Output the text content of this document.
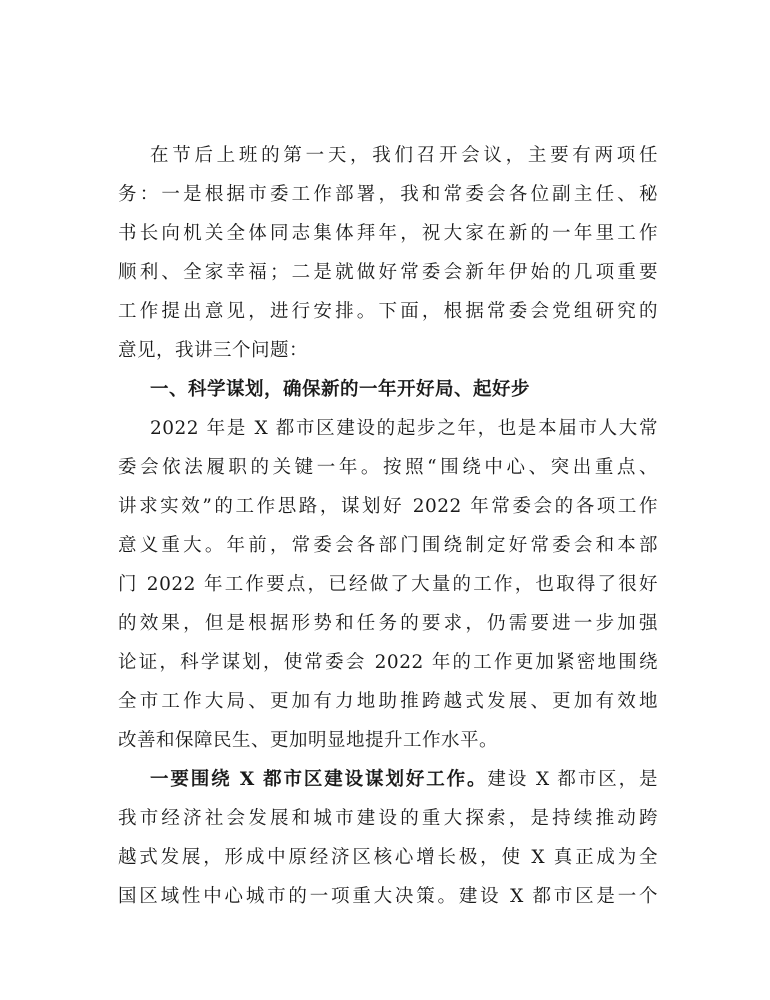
在节后上班的第一天，我们召开会议，主要有两项任
务：一是根据市委工作部署，我和常委会各位副主任、秘
书长向机关全体同志集体拜年，祝大家在新的一年里工作
顺利、全家幸福；二是就做好常委会新年伊始的几项重要
工作提出意见，进行安排。下面，根据常委会党组研究的
意见，我讲三个问题：
一、科学谋划，确保新的一年开好局、起好步
2022 年是 X 都市区建设的起步之年，也是本届市人大常
委会依法履职的关键一年。按照“围绕中心、突出重点、
讲求实效”的工作思路，谋划好 2022 年常委会的各项工作
意义重大。年前，常委会各部门围绕制定好常委会和本部
门 2022 年工作要点，已经做了大量的工作，也取得了很好
的效果，但是根据形势和任务的要求，仍需要进一步加强
论证，科学谋划，使常委会 2022 年的工作更加紧密地围绕
全市工作大局、更加有力地助推跨越式发展、更加有效地
改善和保障民生、更加明显地提升工作水平。
一要围绕 X 都市区建设谋划好工作。建设 X 都市区，是
我市经济社会发展和城市建设的重大探索，是持续推动跨
越式发展，形成中原经济区核心增长极，使 X 真正成为全
国区域性中心城市的一项重大决策。建设 X 都市区是一个
